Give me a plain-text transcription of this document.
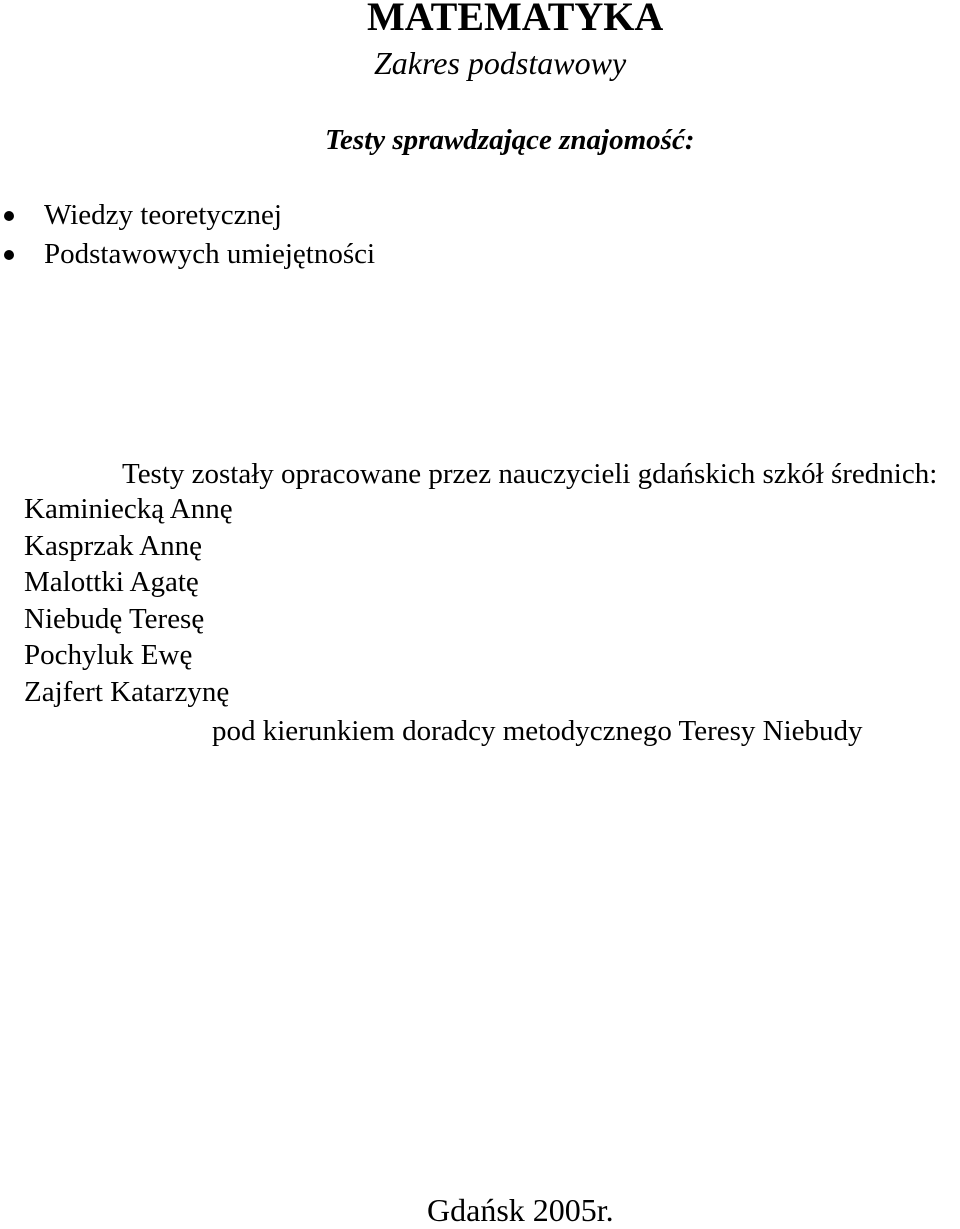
MATEMATYKA
Zakres podstawowy
Testy sprawdzające znajomość:
Wiedzy teoretycznej
Podstawowych umiejętności
Testy zostały opracowane przez nauczycieli gdańskich szkół średnich:
Kaminiecką Annę
Kasprzak Annę
Malottki Agatę
Niebudę Teresę
Pochyluk Ewę
Zajfert Katarzynę
pod kierunkiem doradcy metodycznego Teresy Niebudy
Gdańsk 2005r.
